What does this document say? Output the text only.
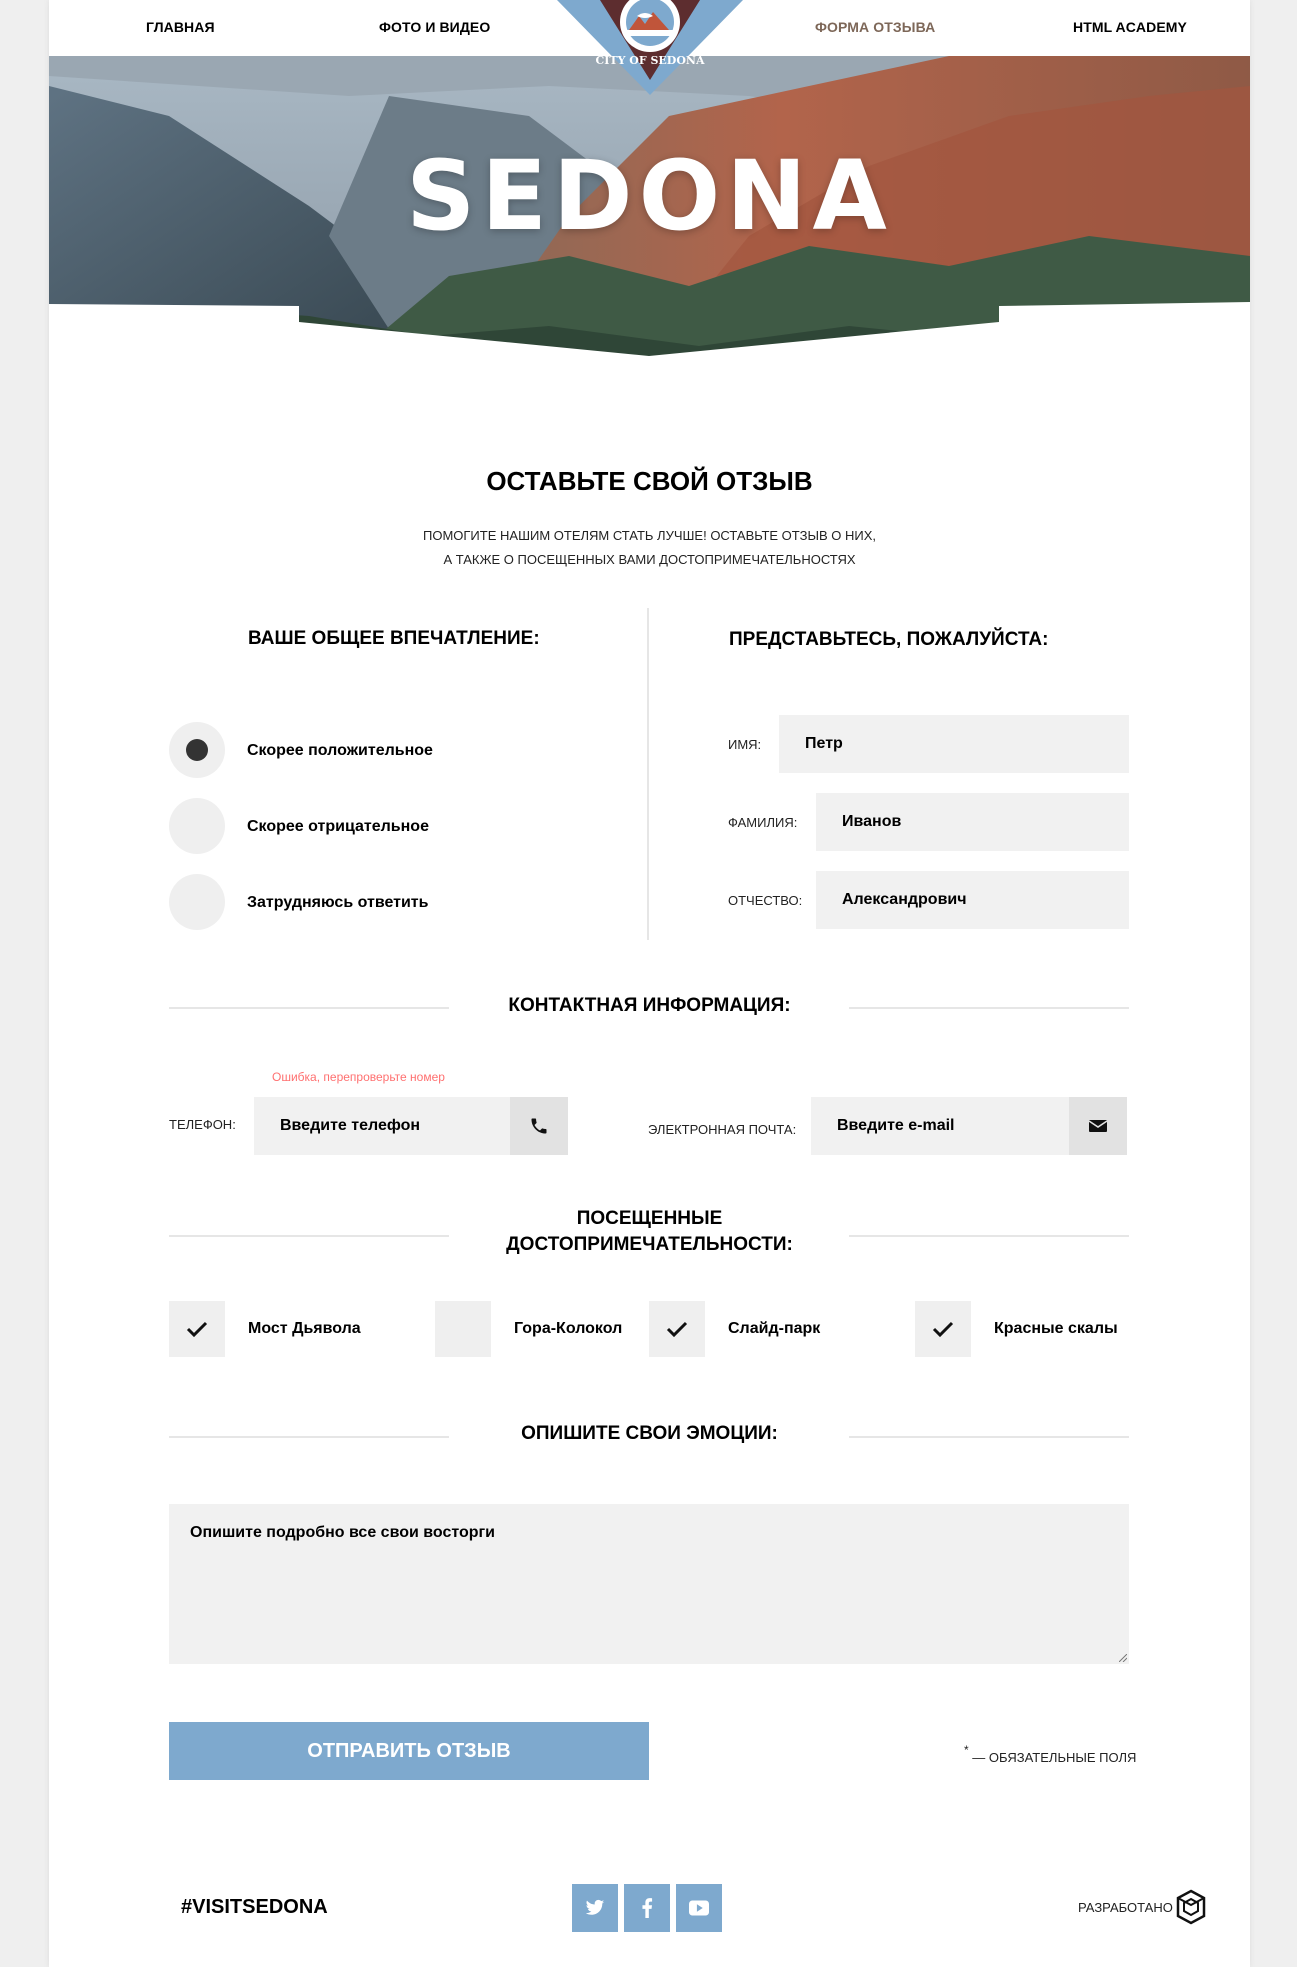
ГЛАВНАЯ	ФОТО И ВИДЕО	ФОРМА ОТЗЫВА	HTML ACADEMY
CITY OF SEDONA
SEDONA
ОСТАВЬТЕ СВОЙ ОТЗЫВ
ПОМОГИТЕ НАШИМ ОТЕЛЯМ СТАТЬ ЛУЧШЕ! ОСТАВЬТЕ ОТЗЫВ О НИХ,
А ТАКЖЕ О ПОСЕЩЕННЫХ ВАМИ ДОСТОПРИМЕЧАТЕЛЬНОСТЯХ
ВАШЕ ОБЩЕЕ ВПЕЧАТЛЕНИЕ:
Скорее положительное
Скорее отрицательное
Затрудняюсь ответить
ПРЕДСТАВЬТЕСЬ, ПОЖАЛУЙСТА:
ИМЯ:	Петр
ФАМИЛИЯ:	Иванов
ОТЧЕСТВО:	Александрович
КОНТАКТНАЯ ИНФОРМАЦИЯ:
Ошибка, перепроверьте номер
ТЕЛЕФОН:	Введите телефон	ЭЛЕКТРОННАЯ ПОЧТА:	Введите e-mail
ПОСЕЩЕННЫЕ
ДОСТОПРИМЕЧАТЕЛЬНОСТИ:
Мост Дьявола	Гора-Колокол	Слайд-парк	Красные скалы
ОПИШИТЕ СВОИ ЭМОЦИИ:
Опишите подробно все свои восторги
ОТПРАВИТЬ ОТЗЫВ	* — ОБЯЗАТЕЛЬНЫЕ ПОЛЯ
#VISITSEDONA	РАЗРАБОТАНО
